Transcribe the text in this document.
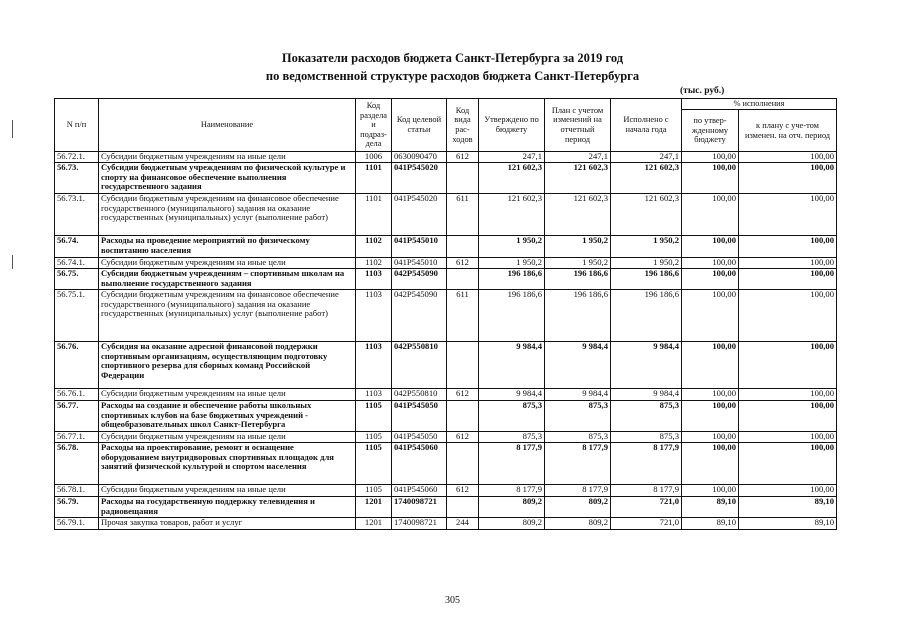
Показатели расходов бюджета Санкт-Петербурга за 2019 год
по ведомственной структуре расходов бюджета Санкт-Петербурга
(тыс. руб.)
N п/п	Наименование	Код раздела и подраз-дела	Код целевой статьи	Код вида рас-ходов	Утверждено по бюджету	План с учетом изменений на отчетный период	Исполнено с начала года	% исполнения	
								по утвер-жденному бюджету	к плану с уче-том изменен. на отч. период
56.72.1.	Субсидии бюджетным учреждениям на иные цели	1006	0630090470	612	247,1	247,1	247,1	100,00	100,00
56.73.	Субсидии бюджетным учреждениям по физической культуре и спорту на финансовое обеспечение выполнения государственного задания	1101	041P545020		121 602,3	121 602,3	121 602,3	100,00	100,00
56.73.1.	Субсидии бюджетным учреждениям на финансовое обеспечение государственного (муниципального) задания на оказание государственных (муниципальных) услуг (выполнение работ)	1101	041P545020	611	121 602,3	121 602,3	121 602,3	100,00	100,00
56.74.	Расходы на проведение мероприятий по физическому воспитанию населения	1102	041P545010		1 950,2	1 950,2	1 950,2	100,00	100,00
56.74.1.	Субсидии бюджетным учреждениям на иные цели	1102	041P545010	612	1 950,2	1 950,2	1 950,2	100,00	100,00
56.75.	Субсидии бюджетным учреждениям – спортивным школам на выполнение государственного задания	1103	042P545090		196 186,6	196 186,6	196 186,6	100,00	100,00
56.75.1.	Субсидии бюджетным учреждениям на финансовое обеспечение государственного (муниципального) задания на оказание государственных (муниципальных) услуг (выполнение работ)	1103	042P545090	611	196 186,6	196 186,6	196 186,6	100,00	100,00
56.76.	Субсидия на оказание адресной финансовой поддержки спортивным организациям, осуществляющим подготовку спортивного резерва для сборных команд Российской Федерации	1103	042P550810		9 984,4	9 984,4	9 984,4	100,00	100,00
56.76.1.	Субсидии бюджетным учреждениям на иные цели	1103	042P550810	612	9 984,4	9 984,4	9 984,4	100,00	100,00
56.77.	Расходы на создание и обеспечение работы школьных спортивных клубов на базе бюджетных учреждений - общеобразовательных школ Санкт-Петербурга	1105	041P545050		875,3	875,3	875,3	100,00	100,00
56.77.1.	Субсидии бюджетным учреждениям на иные цели	1105	041P545050	612	875,3	875,3	875,3	100,00	100,00
56.78.	Расходы на проектирование, ремонт и оснащение оборудованием внутридворовых спортивных площадок для занятий физической культурой и спортом населения	1105	041P545060		8 177,9	8 177,9	8 177,9	100,00	100,00
56.78.1.	Субсидии бюджетным учреждениям на иные цели	1105	041P545060	612	8 177,9	8 177,9	8 177,9	100,00	100,00
56.79.	Расходы на государственную поддержку телевидения и радиовещания	1201	1740098721		809,2	809,2	721,0	89,10	89,10
56.79.1.	Прочая закупка товаров, работ и услуг	1201	1740098721	244	809,2	809,2	721,0	89,10	89,10
305
